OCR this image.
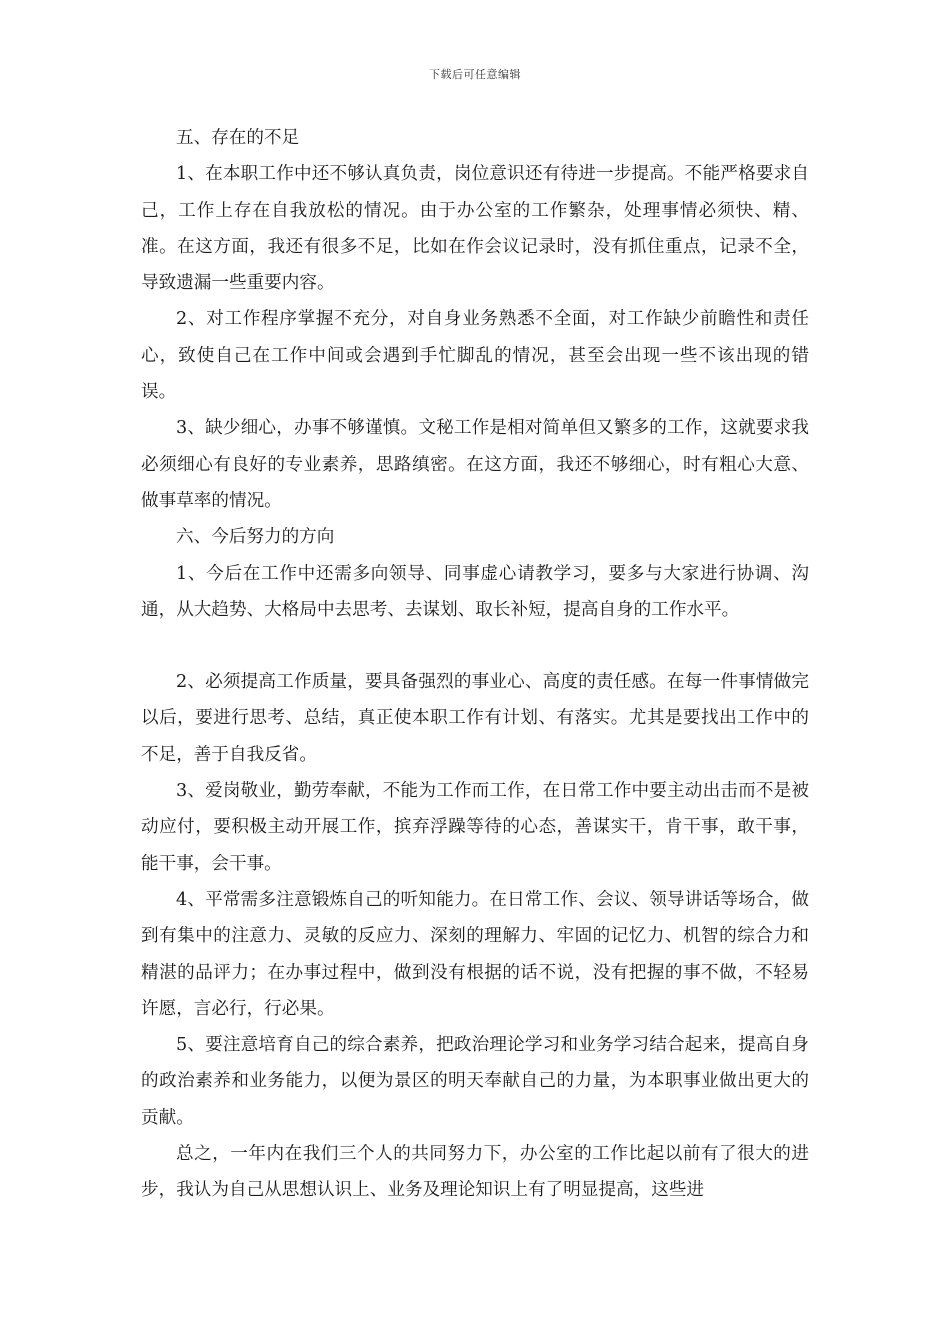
下载后可任意编辑

五、存在的不足

1、在本职工作中还不够认真负责，岗位意识还有待进一步提高。不能严格要求自己，工作上存在自我放松的情况。由于办公室的工作繁杂，处理事情必须快、精、准。在这方面，我还有很多不足，比如在作会议记录时，没有抓住重点，记录不全，导致遗漏一些重要内容。

2、对工作程序掌握不充分，对自身业务熟悉不全面，对工作缺少前瞻性和责任心，致使自己在工作中间或会遇到手忙脚乱的情况，甚至会出现一些不该出现的错误。

3、缺少细心，办事不够谨慎。文秘工作是相对简单但又繁多的工作，这就要求我必须细心有良好的专业素养，思路缜密。在这方面，我还不够细心，时有粗心大意、做事草率的情况。

六、今后努力的方向

1、今后在工作中还需多向领导、同事虚心请教学习，要多与大家进行协调、沟通，从大趋势、大格局中去思考、去谋划、取长补短，提高自身的工作水平。

2、必须提高工作质量，要具备强烈的事业心、高度的责任感。在每一件事情做完以后，要进行思考、总结，真正使本职工作有计划、有落实。尤其是要找出工作中的不足，善于自我反省。

3、爱岗敬业，勤劳奉献，不能为工作而工作，在日常工作中要主动出击而不是被动应付，要积极主动开展工作，摈弃浮躁等待的心态，善谋实干，肯干事，敢干事，能干事，会干事。

4、平常需多注意锻炼自己的听知能力。在日常工作、会议、领导讲话等场合，做到有集中的注意力、灵敏的反应力、深刻的理解力、牢固的记忆力、机智的综合力和精湛的品评力；在办事过程中，做到没有根据的话不说，没有把握的事不做，不轻易许愿，言必行，行必果。

5、要注意培育自己的综合素养，把政治理论学习和业务学习结合起来，提高自身的政治素养和业务能力，以便为景区的明天奉献自己的力量，为本职事业做出更大的贡献。

总之，一年内在我们三个人的共同努力下，办公室的工作比起以前有了很大的进步，我认为自己从思想认识上、业务及理论知识上有了明显提高，这些进
